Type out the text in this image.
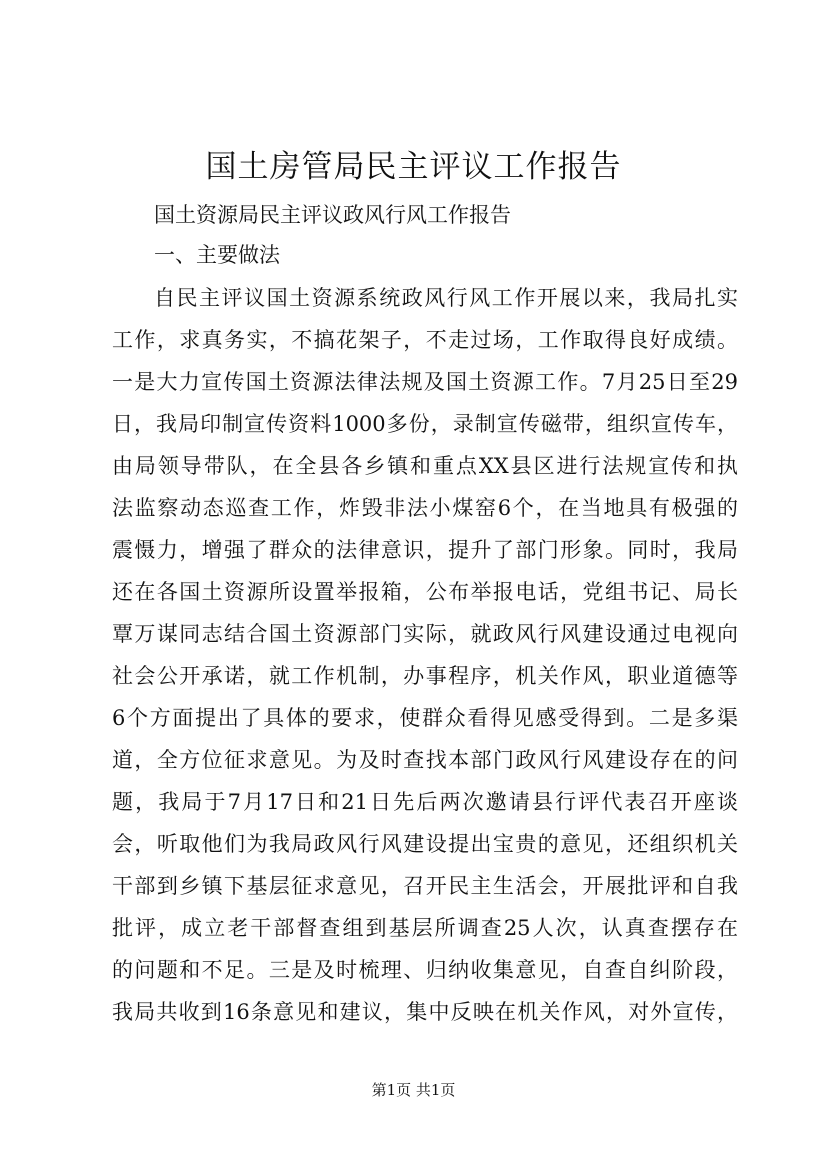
国土房管局民主评议工作报告

国土资源局民主评议政风行风工作报告

一、主要做法

自民主评议国土资源系统政风行风工作开展以来，我局扎实

工作，求真务实，不搞花架子，不走过场，工作取得良好成绩。

一是大力宣传国土资源法律法规及国土资源工作。7月25日至29

日，我局印制宣传资料1000多份，录制宣传磁带，组织宣传车，

由局领导带队，在全县各乡镇和重点XX县区进行法规宣传和执

法监察动态巡查工作，炸毁非法小煤窑6个，在当地具有极强的

震慑力，增强了群众的法律意识，提升了部门形象。同时，我局

还在各国土资源所设置举报箱，公布举报电话，党组书记、局长

覃万谋同志结合国土资源部门实际，就政风行风建设通过电视向

社会公开承诺，就工作机制，办事程序，机关作风，职业道德等

6个方面提出了具体的要求，使群众看得见感受得到。二是多渠

道，全方位征求意见。为及时查找本部门政风行风建设存在的问

题，我局于7月17日和21日先后两次邀请县行评代表召开座谈

会，听取他们为我局政风行风建设提出宝贵的意见，还组织机关

干部到乡镇下基层征求意见，召开民主生活会，开展批评和自我

批评，成立老干部督查组到基层所调查25人次，认真查摆存在

的问题和不足。三是及时梳理、归纳收集意见，自查自纠阶段，

我局共收到16条意见和建议，集中反映在机关作风，对外宣传，

第1页 共1页
